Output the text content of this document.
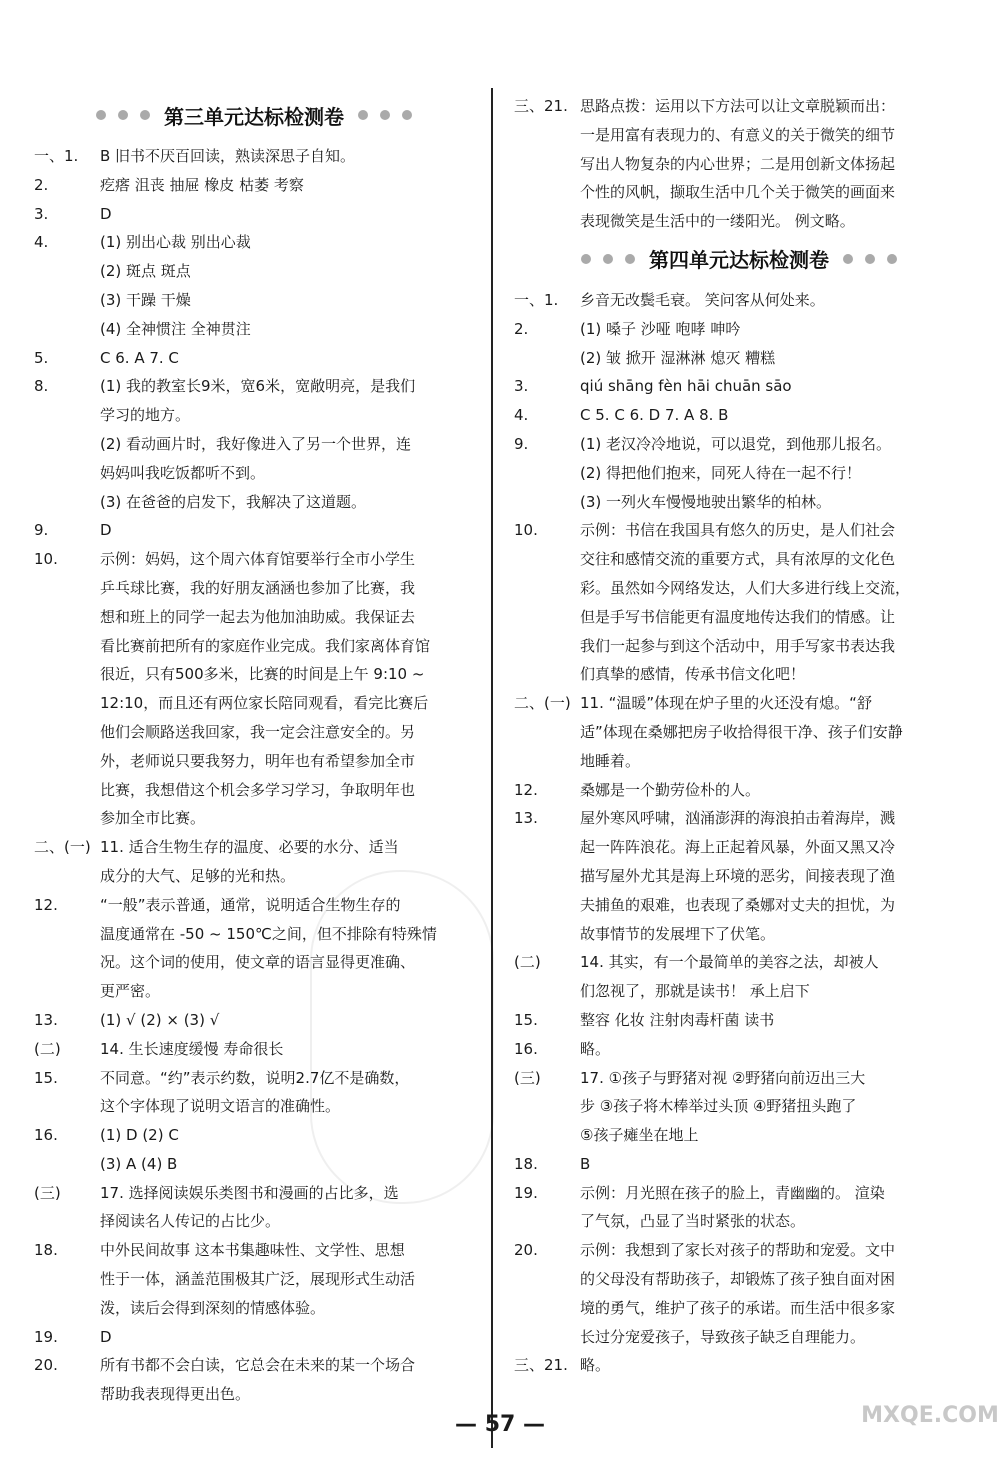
第三单元达标检测卷
一、1. B 旧书不厌百回读，熟读深思子自知。
2.	疙瘩 沮丧 抽屉 橡皮 枯萎 考察
3.	D
4.	(1) 别出心裁 别出心裁
(2) 斑点 斑点
(3) 干躁 干燥
(4) 全神惯注 全神贯注
5.	C 6. A 7. C
8.	(1) 我的教室长9米，宽6米，宽敞明亮，是我们
学习的地方。
(2) 看动画片时，我好像进入了另一个世界，连
妈妈叫我吃饭都听不到。
(3) 在爸爸的启发下，我解决了这道题。
9.	D
10.	示例：妈妈，这个周六体育馆要举行全市小学生
乒乓球比赛，我的好朋友涵涵也参加了比赛，我
想和班上的同学一起去为他加油助威。我保证去
看比赛前把所有的家庭作业完成。我们家离体育馆
很近，只有500多米，比赛的时间是上午 9:10 ~
12:10，而且还有两位家长陪同观看，看完比赛后
他们会顺路送我回家，我一定会注意安全的。另
外，老师说只要我努力，明年也有希望参加全市
比赛，我想借这个机会多学习学习，争取明年也
参加全市比赛。
二、(一) 11. 适合生物生存的温度、必要的水分、适当
成分的大气、足够的光和热。
12.	“一般”表示普通，通常，说明适合生物生存的
温度通常在 -50 ~ 150℃之间，但不排除有特殊情
况。这个词的使用，使文章的语言显得更准确、
更严密。
13.	(1) √ (2) × (3) √
(二)	14. 生长速度缓慢 寿命很长
15.	不同意。“约”表示约数，说明2.7亿不是确数，
这个字体现了说明文语言的准确性。
16.	(1) D (2) C
(3) A (4) B
(三)	17. 选择阅读娱乐类图书和漫画的占比多，选
择阅读名人传记的占比少。
18.	中外民间故事 这本书集趣味性、文学性、思想
性于一体，涵盖范围极其广泛，展现形式生动活
泼，读后会得到深刻的情感体验。
19.	D
20.	所有书都不会白读，它总会在未来的某一个场合
帮助我表现得更出色。
三、21. 思路点拨：运用以下方法可以让文章脱颖而出：
一是用富有表现力的、有意义的关于微笑的细节
写出人物复杂的内心世界；二是用创新文体扬起
个性的风帆，撷取生活中几个关于微笑的画面来
表现微笑是生活中的一缕阳光。 例文略。
第四单元达标检测卷
一、1. 乡音无改鬓毛衰。 笑问客从何处来。
2.	(1) 嗓子 沙哑 咆哮 呻吟
(2) 皱 掀开 湿淋淋 熄灭 糟糕
3.	qiú shāng fèn hāi chuān sāo
4.	C 5. C 6. D 7. A 8. B
9.	(1) 老汉冷冷地说，可以退党，到他那儿报名。
(2) 得把他们抱来，同死人待在一起不行！
(3) 一列火车慢慢地驶出繁华的柏林。
10.	示例：书信在我国具有悠久的历史，是人们社会
交往和感情交流的重要方式，具有浓厚的文化色
彩。虽然如今网络发达，人们大多进行线上交流，
但是手写书信能更有温度地传达我们的情感。让
我们一起参与到这个活动中，用手写家书表达我
们真挚的感情，传承书信文化吧！
二、(一) 11. “温暖”体现在炉子里的火还没有熄。“舒
适”体现在桑娜把房子收拾得很干净、孩子们安静
地睡着。
12.	桑娜是一个勤劳俭朴的人。
13.	屋外寒风呼啸，汹涌澎湃的海浪拍击着海岸，溅
起一阵阵浪花。海上正起着风暴，外面又黑又冷
描写屋外尤其是海上环境的恶劣，间接表现了渔
夫捕鱼的艰难，也表现了桑娜对丈夫的担忧，为
故事情节的发展埋下了伏笔。
(二)	14. 其实，有一个最简单的美容之法，却被人
们忽视了，那就是读书！ 承上启下
15.	整容 化妆 注射肉毒杆菌 读书
16.	略。
(三)	17. ①孩子与野猪对视 ②野猪向前迈出三大
步 ③孩子将木棒举过头顶 ④野猪扭头跑了
⑤孩子瘫坐在地上
18.	B
19.	示例：月光照在孩子的脸上，青幽幽的。 渲染
了气氛，凸显了当时紧张的状态。
20.	示例：我想到了家长对孩子的帮助和宠爱。文中
的父母没有帮助孩子，却锻炼了孩子独自面对困
境的勇气，维护了孩子的承诺。而生活中很多家
长过分宠爱孩子，导致孩子缺乏自理能力。
三、21. 略。
— 57 —	MXQE.COM
